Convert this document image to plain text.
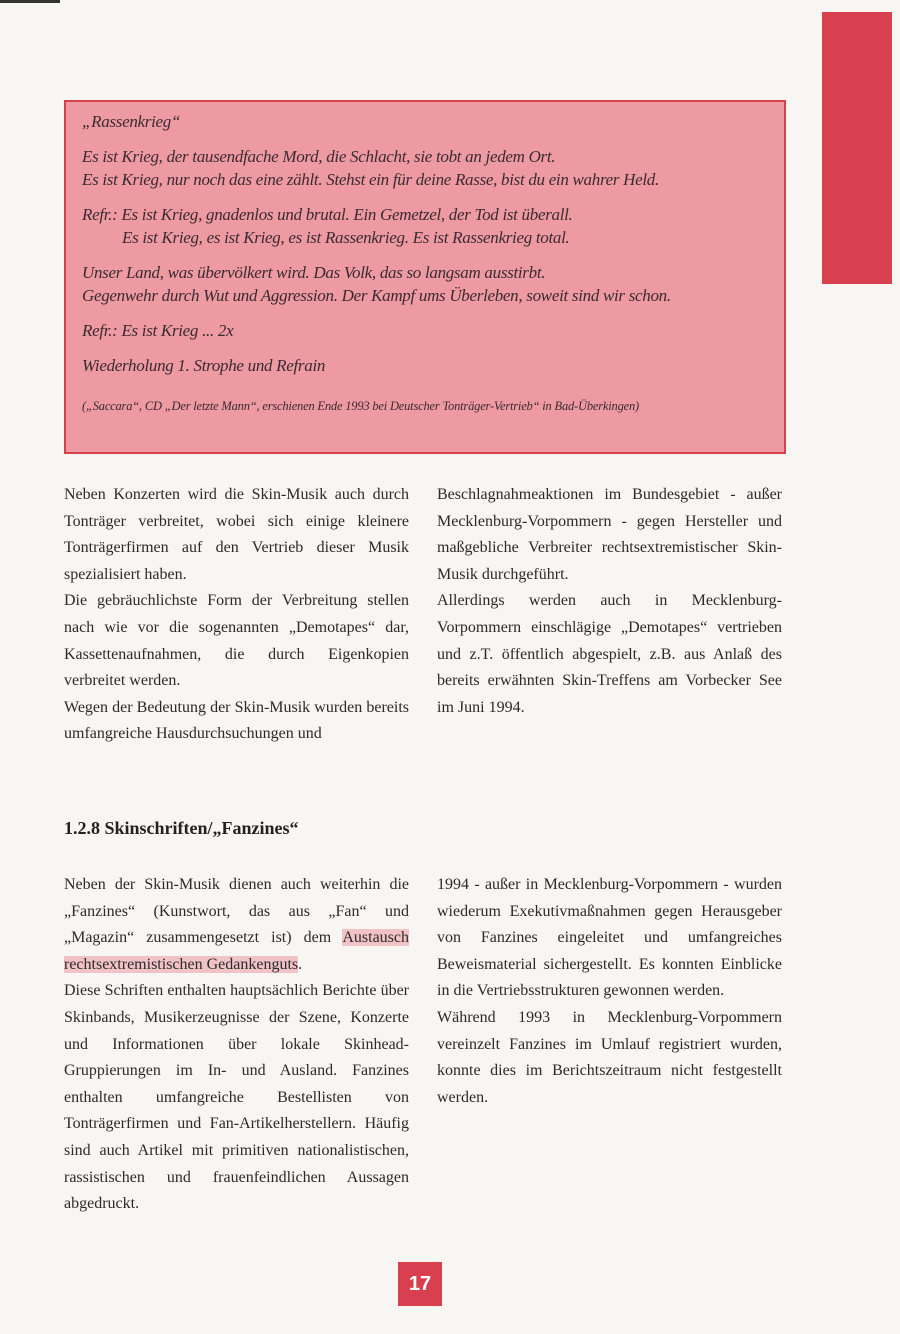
„Rassenkrieg“

Es ist Krieg, der tausendfache Mord, die Schlacht, sie tobt an jedem Ort.

Es ist Krieg, nur noch das eine zählt. Stehst ein für deine Rasse, bist du ein wahrer Held.

Refr.: Es ist Krieg, gnadenlos und brutal. Ein Gemetzel, der Tod ist überall.

Es ist Krieg, es ist Krieg, es ist Rassenkrieg. Es ist Rassenkrieg total.

Unser Land, was übervölkert wird. Das Volk, das so langsam ausstirbt.

Gegenwehr durch Wut und Aggression. Der Kampf ums Überleben, soweit sind wir schon.

Refr.: Es ist Krieg ... 2x

Wiederholung 1. Strophe und Refrain

(„Saccara“, CD „Der letzte Mann“, erschienen Ende 1993 bei Deutscher Tonträger-Vertrieb“ in Bad-Überkingen)

Neben Konzerten wird die Skin-Musik auch durch Tonträger verbreitet, wobei sich einige kleinere Tonträgerfirmen auf den Vertrieb dieser Musik spezialisiert haben.

Die gebräuchlichste Form der Verbreitung stellen nach wie vor die sogenannten „Demotapes“ dar, Kassettenaufnahmen, die durch Eigenkopien verbreitet werden.

Wegen der Bedeutung der Skin-Musik wurden bereits umfangreiche Hausdurchsuchungen und

Beschlagnahmeaktionen im Bundesgebiet - außer Mecklenburg-Vorpommern - gegen Hersteller und maßgebliche Verbreiter rechtsextremistischer Skin-Musik durchgeführt.

Allerdings werden auch in Mecklenburg-Vorpommern einschlägige „Demotapes“ vertrieben und z.T. öffentlich abgespielt, z.B. aus Anlaß des bereits erwähnten Skin-Treffens am Vorbecker See im Juni 1994.

1.2.8 Skinschriften/„Fanzines“

Neben der Skin-Musik dienen auch weiterhin die „Fanzines“ (Kunstwort, das aus „Fan“ und „Magazin“ zusammengesetzt ist) dem Austausch rechtsextremistischen Gedankenguts.

Diese Schriften enthalten hauptsächlich Berichte über Skinbands, Musikerzeugnisse der Szene, Konzerte und Informationen über lokale Skinhead-Gruppierungen im In- und Ausland. Fanzines enthalten umfangreiche Bestellisten von Tonträgerfirmen und Fan-Artikelherstellern. Häufig sind auch Artikel mit primitiven nationalistischen, rassistischen und frauenfeindlichen Aussagen abgedruckt.

1994 - außer in Mecklenburg-Vorpommern - wurden wiederum Exekutivmaßnahmen gegen Herausgeber von Fanzines eingeleitet und umfangreiches Beweismaterial sichergestellt. Es konnten Einblicke in die Vertriebsstrukturen gewonnen werden.

Während 1993 in Mecklenburg-Vorpommern vereinzelt Fanzines im Umlauf registriert wurden, konnte dies im Berichtszeitraum nicht festgestellt werden.

17
